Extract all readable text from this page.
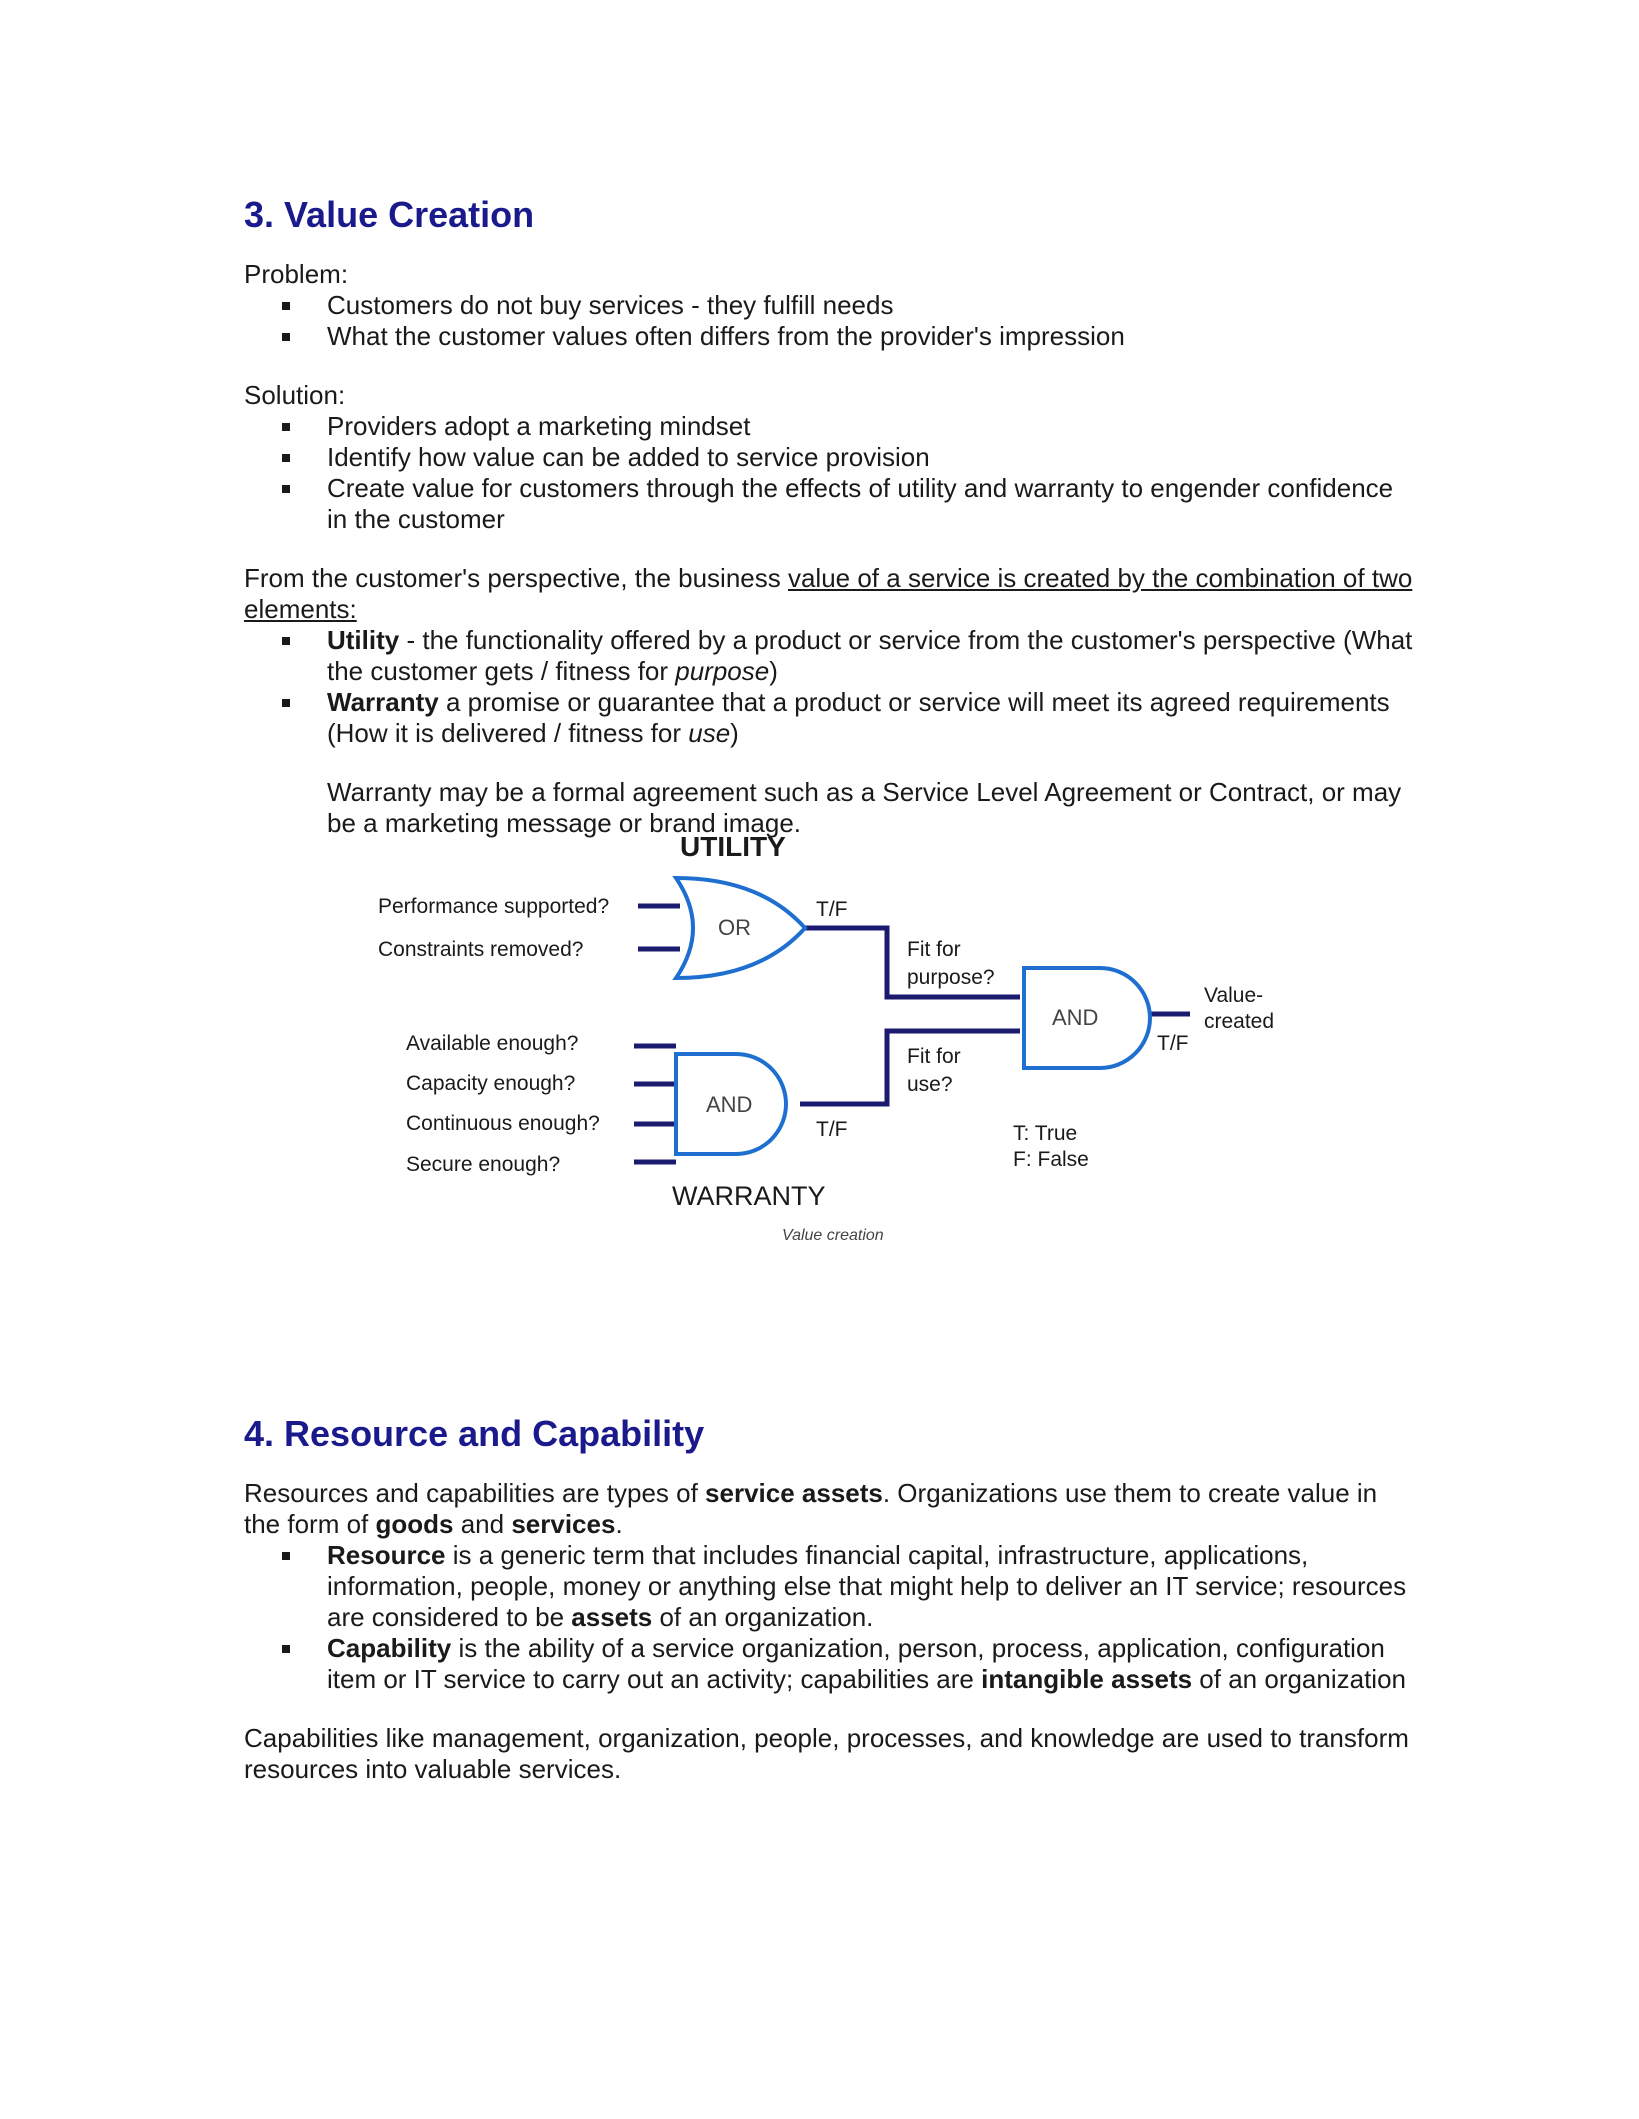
3. Value Creation

Problem:

Customers do not buy services - they fulfill needs
What the customer values often differs from the provider's impression

Solution:

Providers adopt a marketing mindset
Identify how value can be added to service provision
Create value for customers through the effects of utility and warranty to engender confidence in the customer

From the customer's perspective, the business value of a service is created by the combination of two elements:

Utility - the functionality offered by a product or service from the customer's perspective (What the customer gets / fitness for purpose)
Warranty a promise or guarantee that a product or service will meet its agreed requirements (How it is delivered / fitness for use)
Warranty may be a formal agreement such as a Service Level Agreement or Contract, or may be a marketing message or brand image.
UTILITY
OR
AND
AND
Performance supported?
Constraints removed?
Available enough?
Capacity enough?
Continuous enough?
Secure enough?
T/F
T/F
T/F
Fit for
purpose?
Fit for
use?
Value-
created
T: True
F: False
WARRANTY
Value creation
4. Resource and Capability

Resources and capabilities are types of service assets. Organizations use them to create value in the form of goods and services.

Resource is a generic term that includes financial capital, infrastructure, applications, information, people, money or anything else that might help to deliver an IT service; resources are considered to be assets of an organization.
Capability is the ability of a service organization, person, process, application, configuration item or IT service to carry out an activity; capabilities are intangible assets of an organization

Capabilities like management, organization, people, processes, and knowledge are used to transform resources into valuable services.
